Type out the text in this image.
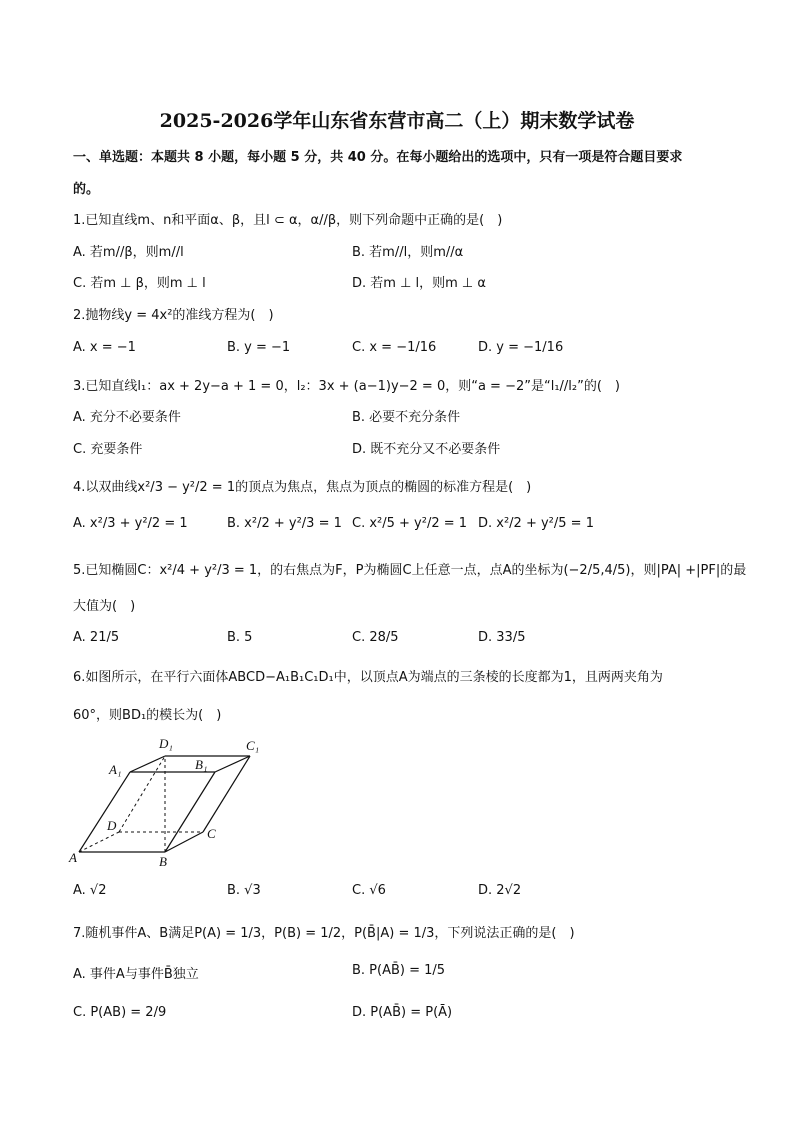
2025-2026学年山东省东营市高二（上）期末数学试卷
一、单选题：本题共 8 小题，每小题 5 分，共 40 分。在每小题给出的选项中，只有一项是符合题目要求
的。
1.已知直线m、n和平面α、β，且l ⊂ α，α//β，则下列命题中正确的是(　)
A. 若m//β，则m//l	B. 若m//l，则m//α
C. 若m ⊥ β，则m ⊥ l	D. 若m ⊥ l，则m ⊥ α
2.抛物线y = 4x²的准线方程为(　)
A. x = −1	B. y = −1	C. x = −1/16	D. y = −1/16
3.已知直线l₁：ax + 2y−a + 1 = 0，l₂：3x + (a−1)y−2 = 0，则“a = −2”是“l₁//l₂”的(　)
A. 充分不必要条件	B. 必要不充分条件
C. 充要条件	D. 既不充分又不必要条件
4.以双曲线x²/3 − y²/2 = 1的顶点为焦点，焦点为顶点的椭圆的标准方程是(　)
A. x²/3 + y²/2 = 1	B. x²/2 + y²/3 = 1 C. x²/5 + y²/2 = 1 D. x²/2 + y²/5 = 1
5.已知椭圆C：x²/4 + y²/3 = 1，的右焦点为F，P为椭圆C上任意一点，点A的坐标为(−2/5,4/5)，则|PA| +|PF|的最
大值为(　)
A. 21/5	B. 5	C. 28/5	D. 33/5
6.如图所示，在平行六面体ABCD−A₁B₁C₁D₁中，以顶点A为端点的三条棱的长度都为1，且两两夹角为
60°，则BD₁的模长为(　)
D₁	C₁
A₁	B₁
D
C
A	B
A. √2	B. √3	C. √6	D. 2√2
7.随机事件A、B满足P(A) = 1/3，P(B) = 1/2，P(B̄|A) = 1/3，下列说法正确的是(　)
A. 事件A与事件B̄独立	B. P(AB̄) = 1/5
C. P(AB) = 2/9	D. P(AB̄) = P(Ā)
